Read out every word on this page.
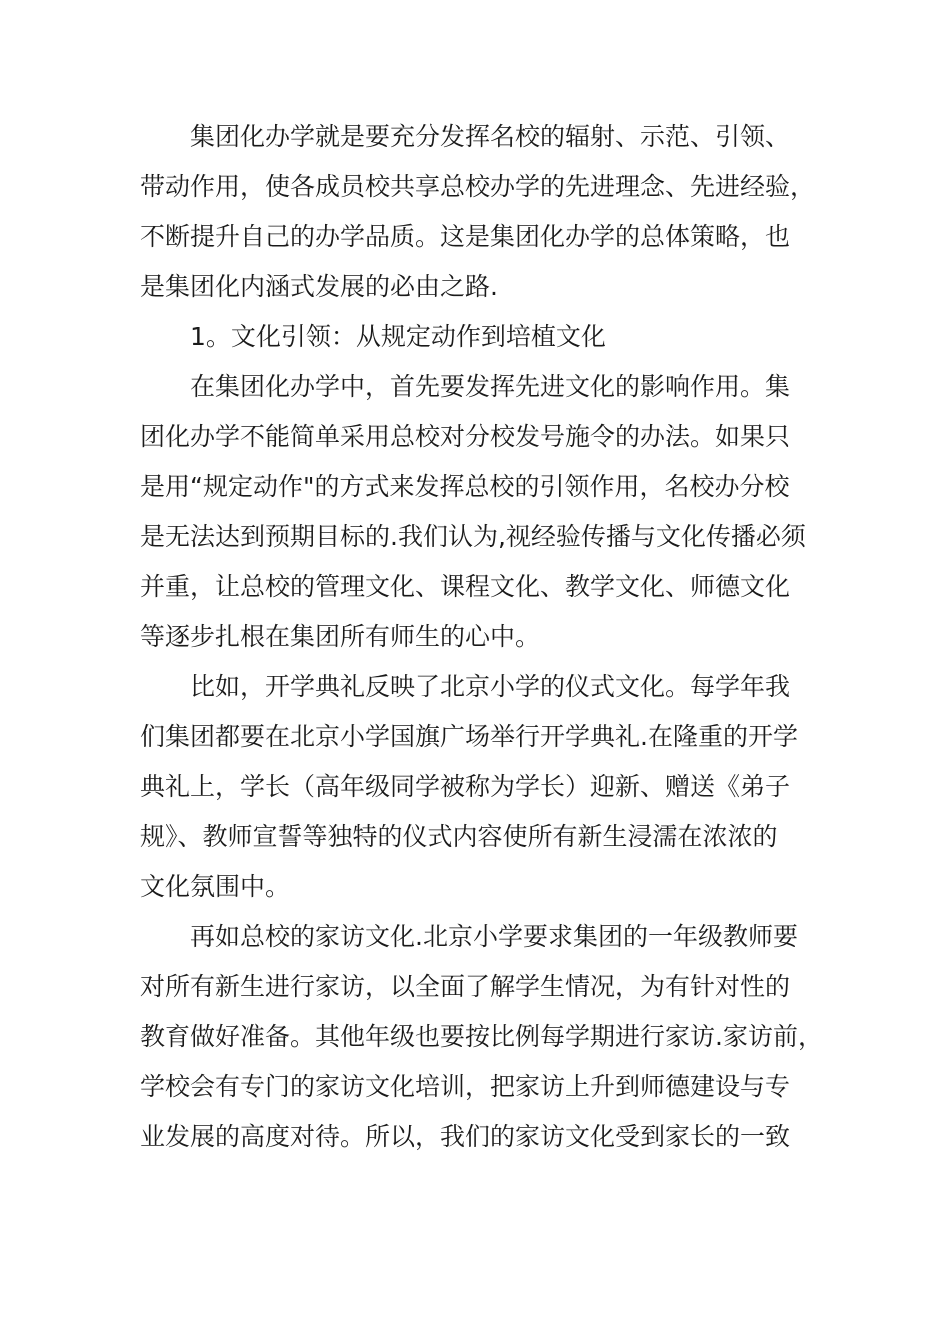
集团化办学就是要充分发挥名校的辐射、示范、引领、
带动作用，使各成员校共享总校办学的先进理念、先进经验，
不断提升自己的办学品质。这是集团化办学的总体策略，也
是集团化内涵式发展的必由之路.
1。文化引领：从规定动作到培植文化
在集团化办学中，首先要发挥先进文化的影响作用。集
团化办学不能简单采用总校对分校发号施令的办法。如果只
是用“规定动作"的方式来发挥总校的引领作用，名校办分校
是无法达到预期目标的.我们认为,视经验传播与文化传播必须
并重，让总校的管理文化、课程文化、教学文化、师德文化
等逐步扎根在集团所有师生的心中。
比如，开学典礼反映了北京小学的仪式文化。每学年我
们集团都要在北京小学国旗广场举行开学典礼.在隆重的开学
典礼上，学长（高年级同学被称为学长）迎新、赠送《弟子
规》、教师宣誓等独特的仪式内容使所有新生浸濡在浓浓的
文化氛围中。
再如总校的家访文化.北京小学要求集团的一年级教师要
对所有新生进行家访，以全面了解学生情况，为有针对性的
教育做好准备。其他年级也要按比例每学期进行家访.家访前，
学校会有专门的家访文化培训，把家访上升到师德建设与专
业发展的高度对待。所以，我们的家访文化受到家长的一致
